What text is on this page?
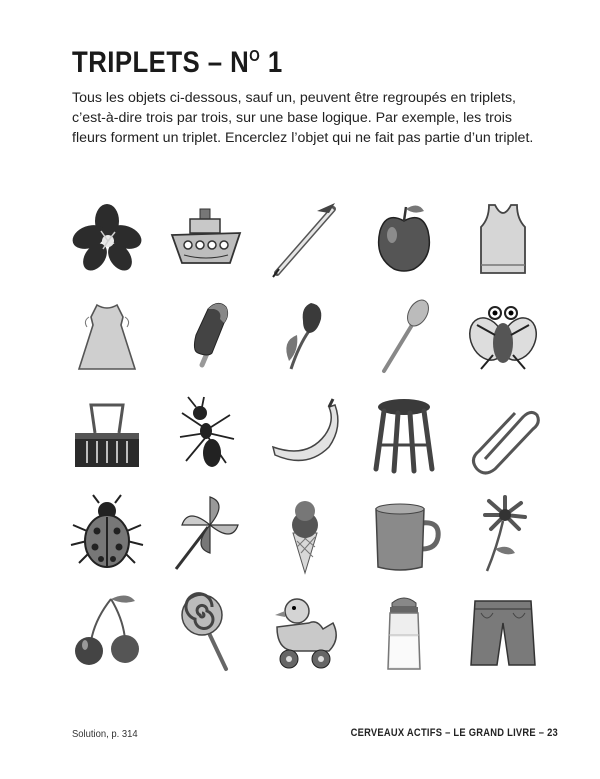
TRIPLETS – $N^O$ 1

Tous les objets ci-dessous, sauf un, peuvent être regroupés en triplets, c’est-à-dire trois par trois, sur une base logique. Par exemple, les trois fleurs forment un triplet. Encerclez l’objet qui ne fait pas partie d’un triplet.

Solution, p. 314	CERVEAUX ACTIFS – LE GRAND LIVRE – 23
